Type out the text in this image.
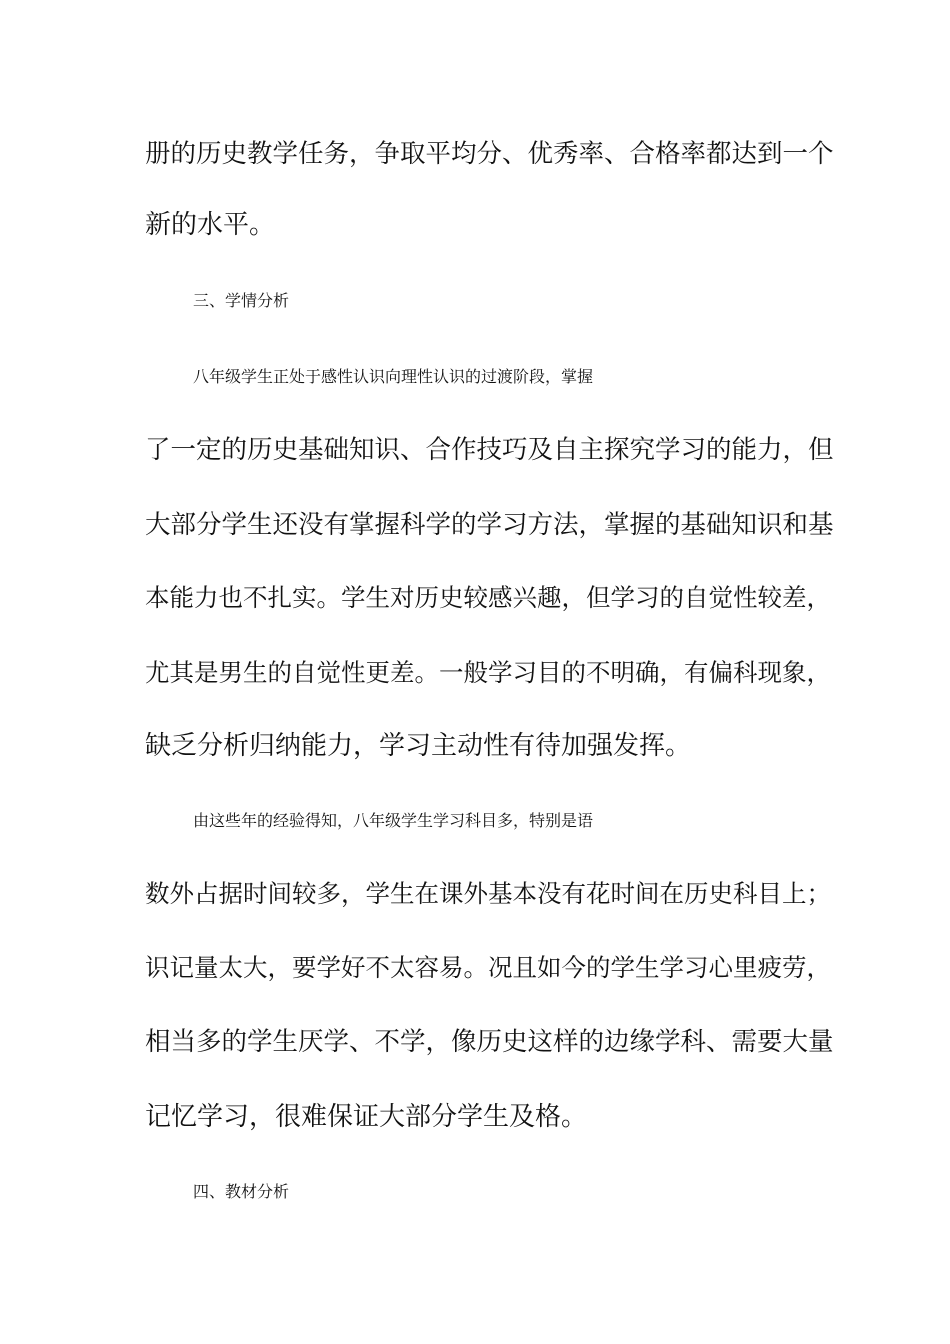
册的历史教学任务，争取平均分、优秀率、合格率都达到一个
新的水平。
三、学情分析
八年级学生正处于感性认识向理性认识的过渡阶段，掌握
了一定的历史基础知识、合作技巧及自主探究学习的能力，但
大部分学生还没有掌握科学的学习方法，掌握的基础知识和基
本能力也不扎实。学生对历史较感兴趣，但学习的自觉性较差，
尤其是男生的自觉性更差。一般学习目的不明确，有偏科现象，
缺乏分析归纳能力，学习主动性有待加强发挥。
由这些年的经验得知，八年级学生学习科目多，特别是语
数外占据时间较多，学生在课外基本没有花时间在历史科目上；
识记量太大，要学好不太容易。况且如今的学生学习心里疲劳，
相当多的学生厌学、不学，像历史这样的边缘学科、需要大量
记忆学习，很难保证大部分学生及格。
四、教材分析
